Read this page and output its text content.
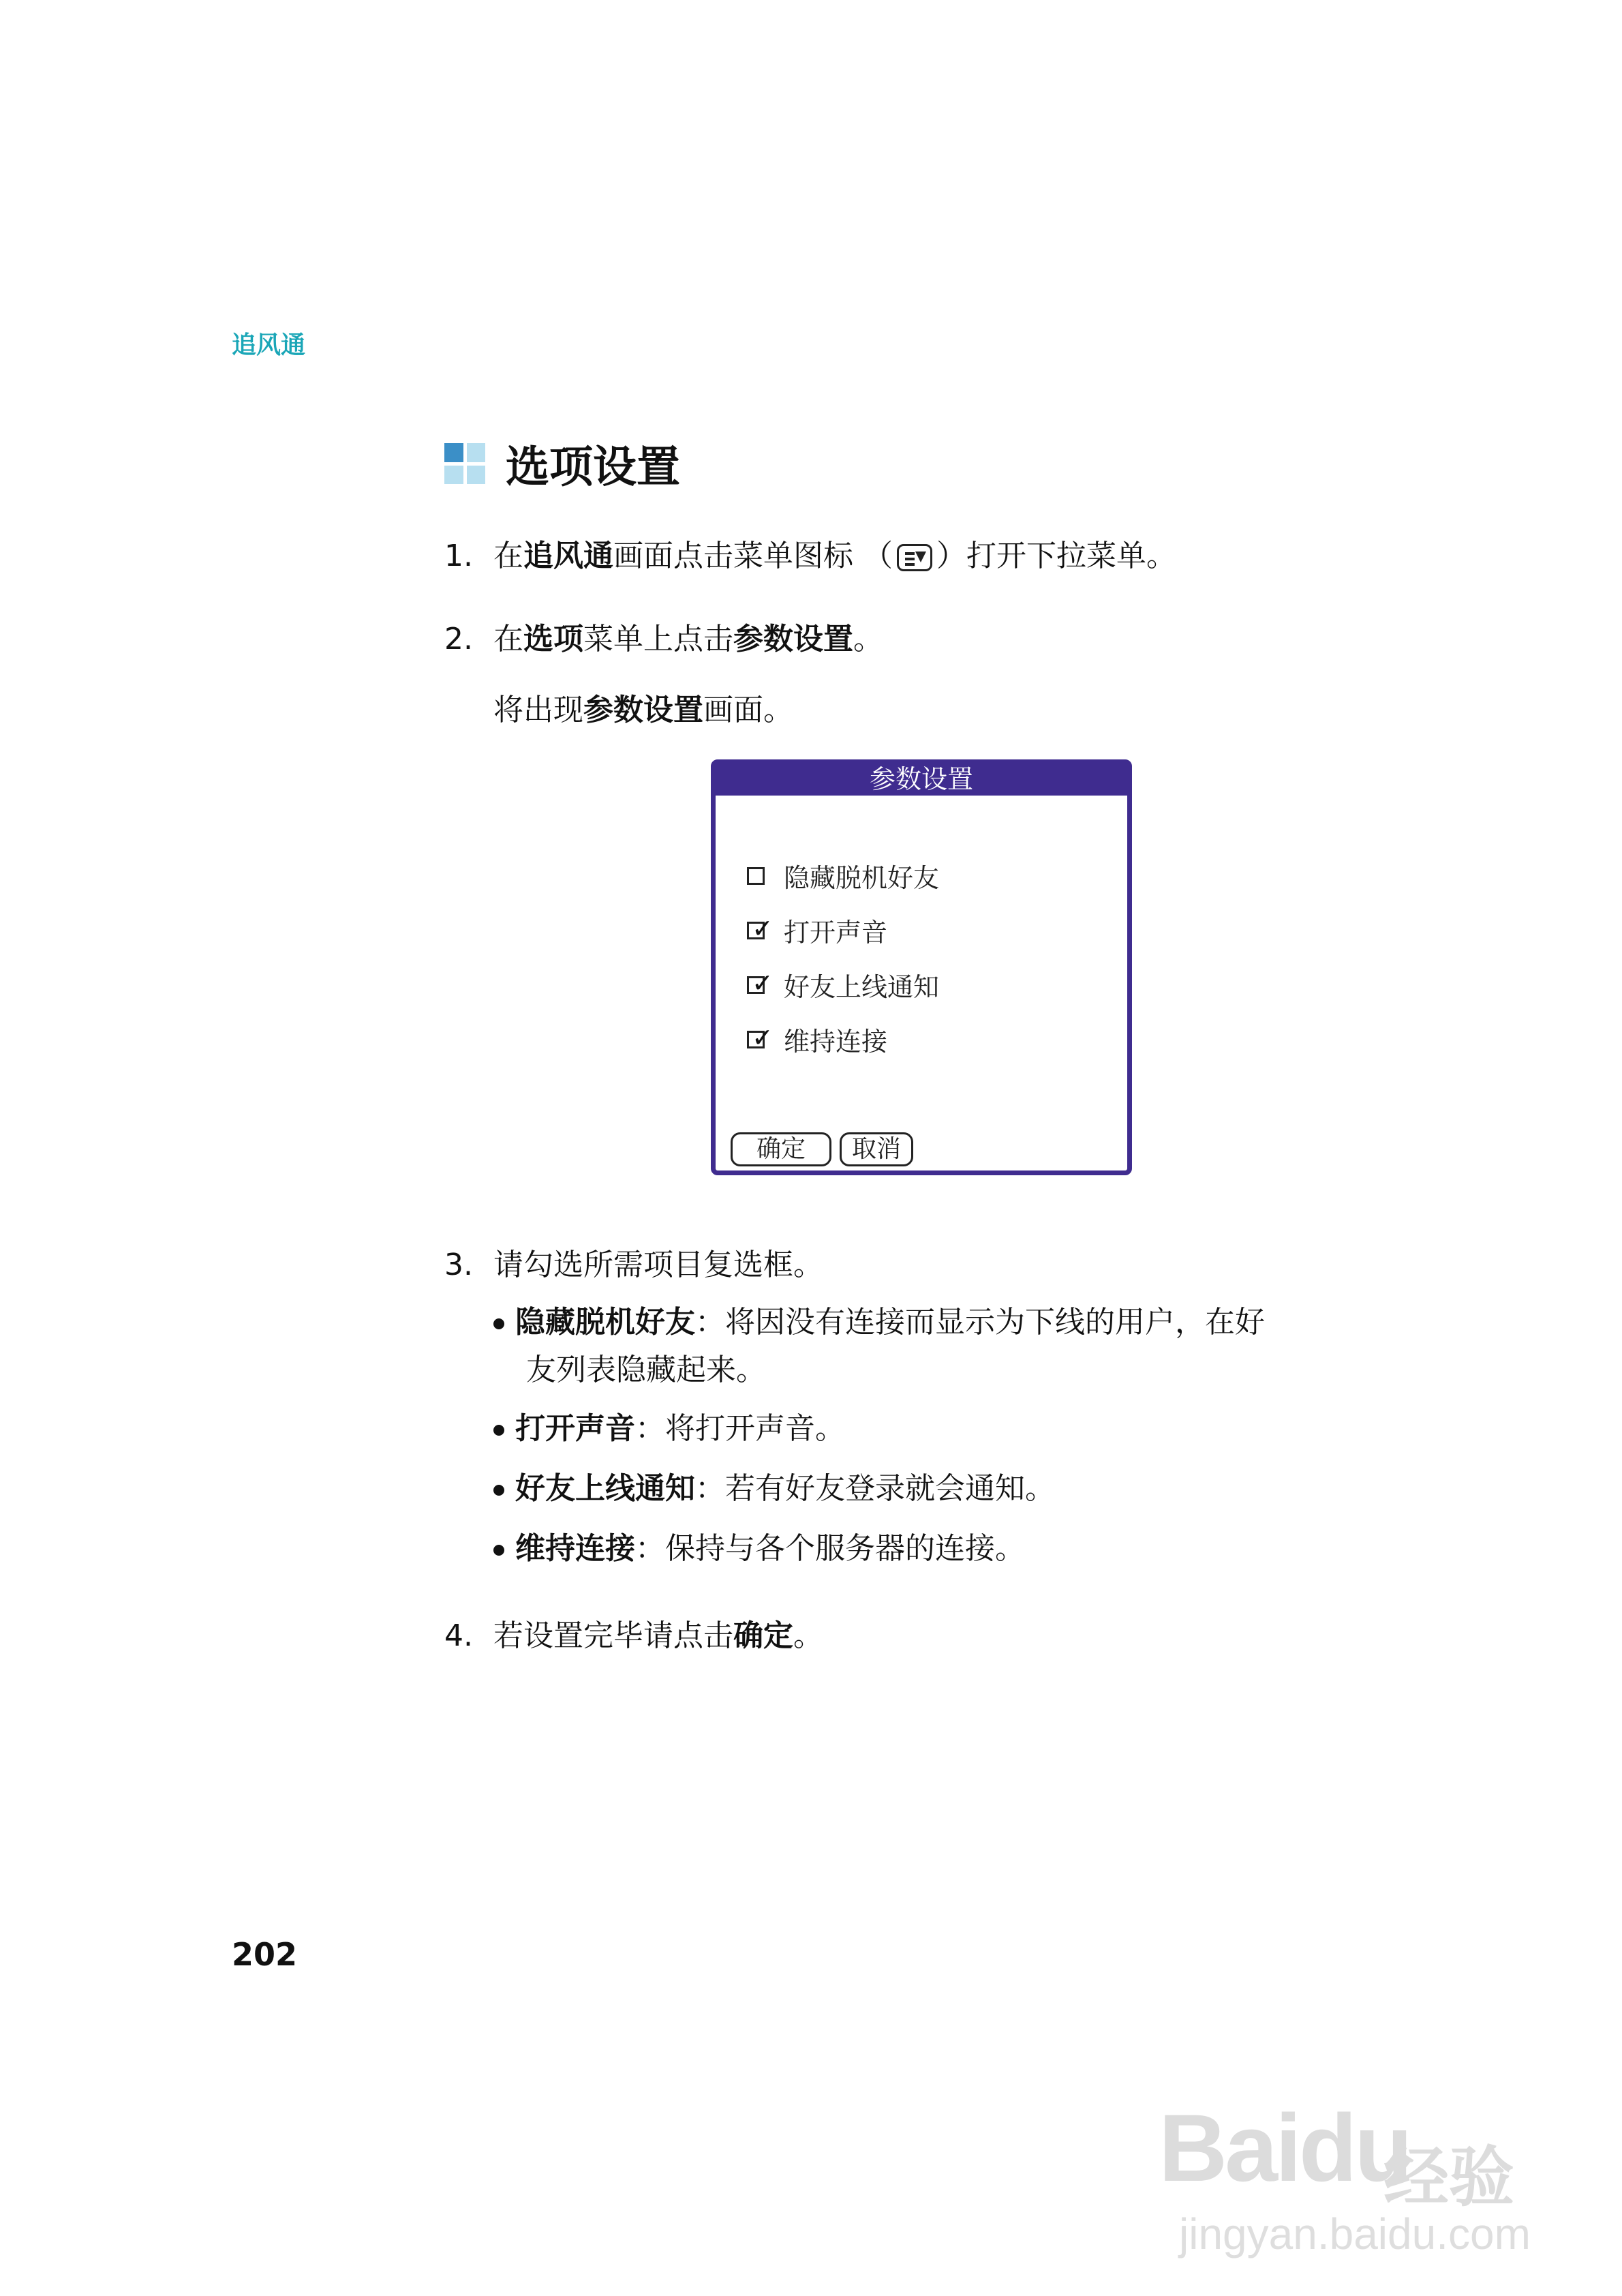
追风通
选项设置
1. 在追风通画面点击菜单图标 （ ）打开下拉菜单。
2. 在选项菜单上点击参数设置。
将出现参数设置画面。
参数设置
隐藏脱机好友
✓ 打开声音
✓ 好友上线通知
✓ 维持连接
确定	取消
3. 请勾选所需项目复选框。
隐藏脱机好友：将因没有连接而显示为下线的用户，在好
友列表隐藏起来。
打开声音：将打开声音。
好友上线通知：若有好友登录就会通知。
维持连接：保持与各个服务器的连接。
4. 若设置完毕请点击确定。
202
Baidu
经验
jingyan.baidu.com
